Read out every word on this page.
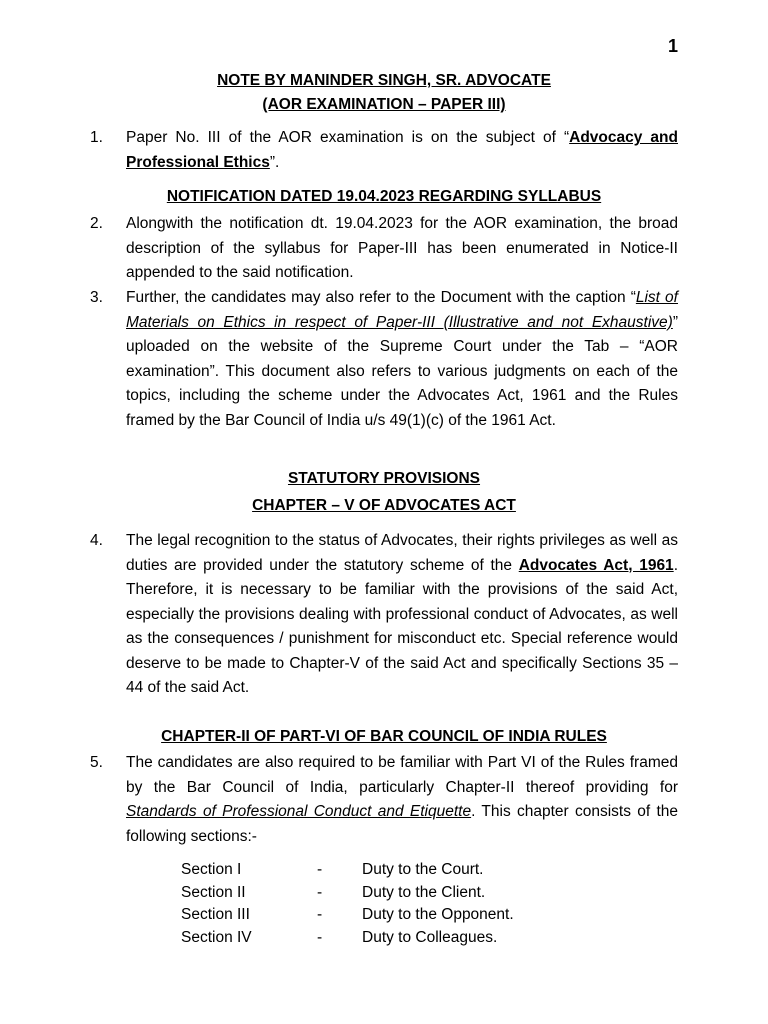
1
NOTE BY MANINDER SINGH, SR. ADVOCATE
(AOR EXAMINATION – PAPER III)
1. Paper No. III of the AOR examination is on the subject of “Advocacy and Professional Ethics”.
NOTIFICATION DATED 19.04.2023 REGARDING SYLLABUS
2. Alongwith the notification dt. 19.04.2023 for the AOR examination, the broad description of the syllabus for Paper-III has been enumerated in Notice-II appended to the said notification.
3. Further, the candidates may also refer to the Document with the caption “List of Materials on Ethics in respect of Paper-III (Illustrative and not Exhaustive)” uploaded on the website of the Supreme Court under the Tab – “AOR examination”. This document also refers to various judgments on each of the topics, including the scheme under the Advocates Act, 1961 and the Rules framed by the Bar Council of India u/s 49(1)(c) of the 1961 Act.
STATUTORY PROVISIONS
CHAPTER – V OF ADVOCATES ACT
4. The legal recognition to the status of Advocates, their rights privileges as well as duties are provided under the statutory scheme of the Advocates Act, 1961. Therefore, it is necessary to be familiar with the provisions of the said Act, especially the provisions dealing with professional conduct of Advocates, as well as the consequences / punishment for misconduct etc. Special reference would deserve to be made to Chapter-V of the said Act and specifically Sections 35 – 44 of the said Act.
CHAPTER-II OF PART-VI OF BAR COUNCIL OF INDIA RULES
5. The candidates are also required to be familiar with Part VI of the Rules framed by the Bar Council of India, particularly Chapter-II thereof providing for Standards of Professional Conduct and Etiquette. This chapter consists of the following sections:-
Section I	-	Duty to the Court.
Section II	-	Duty to the Client.
Section III	-	Duty to the Opponent.
Section IV	-	Duty to Colleagues.
